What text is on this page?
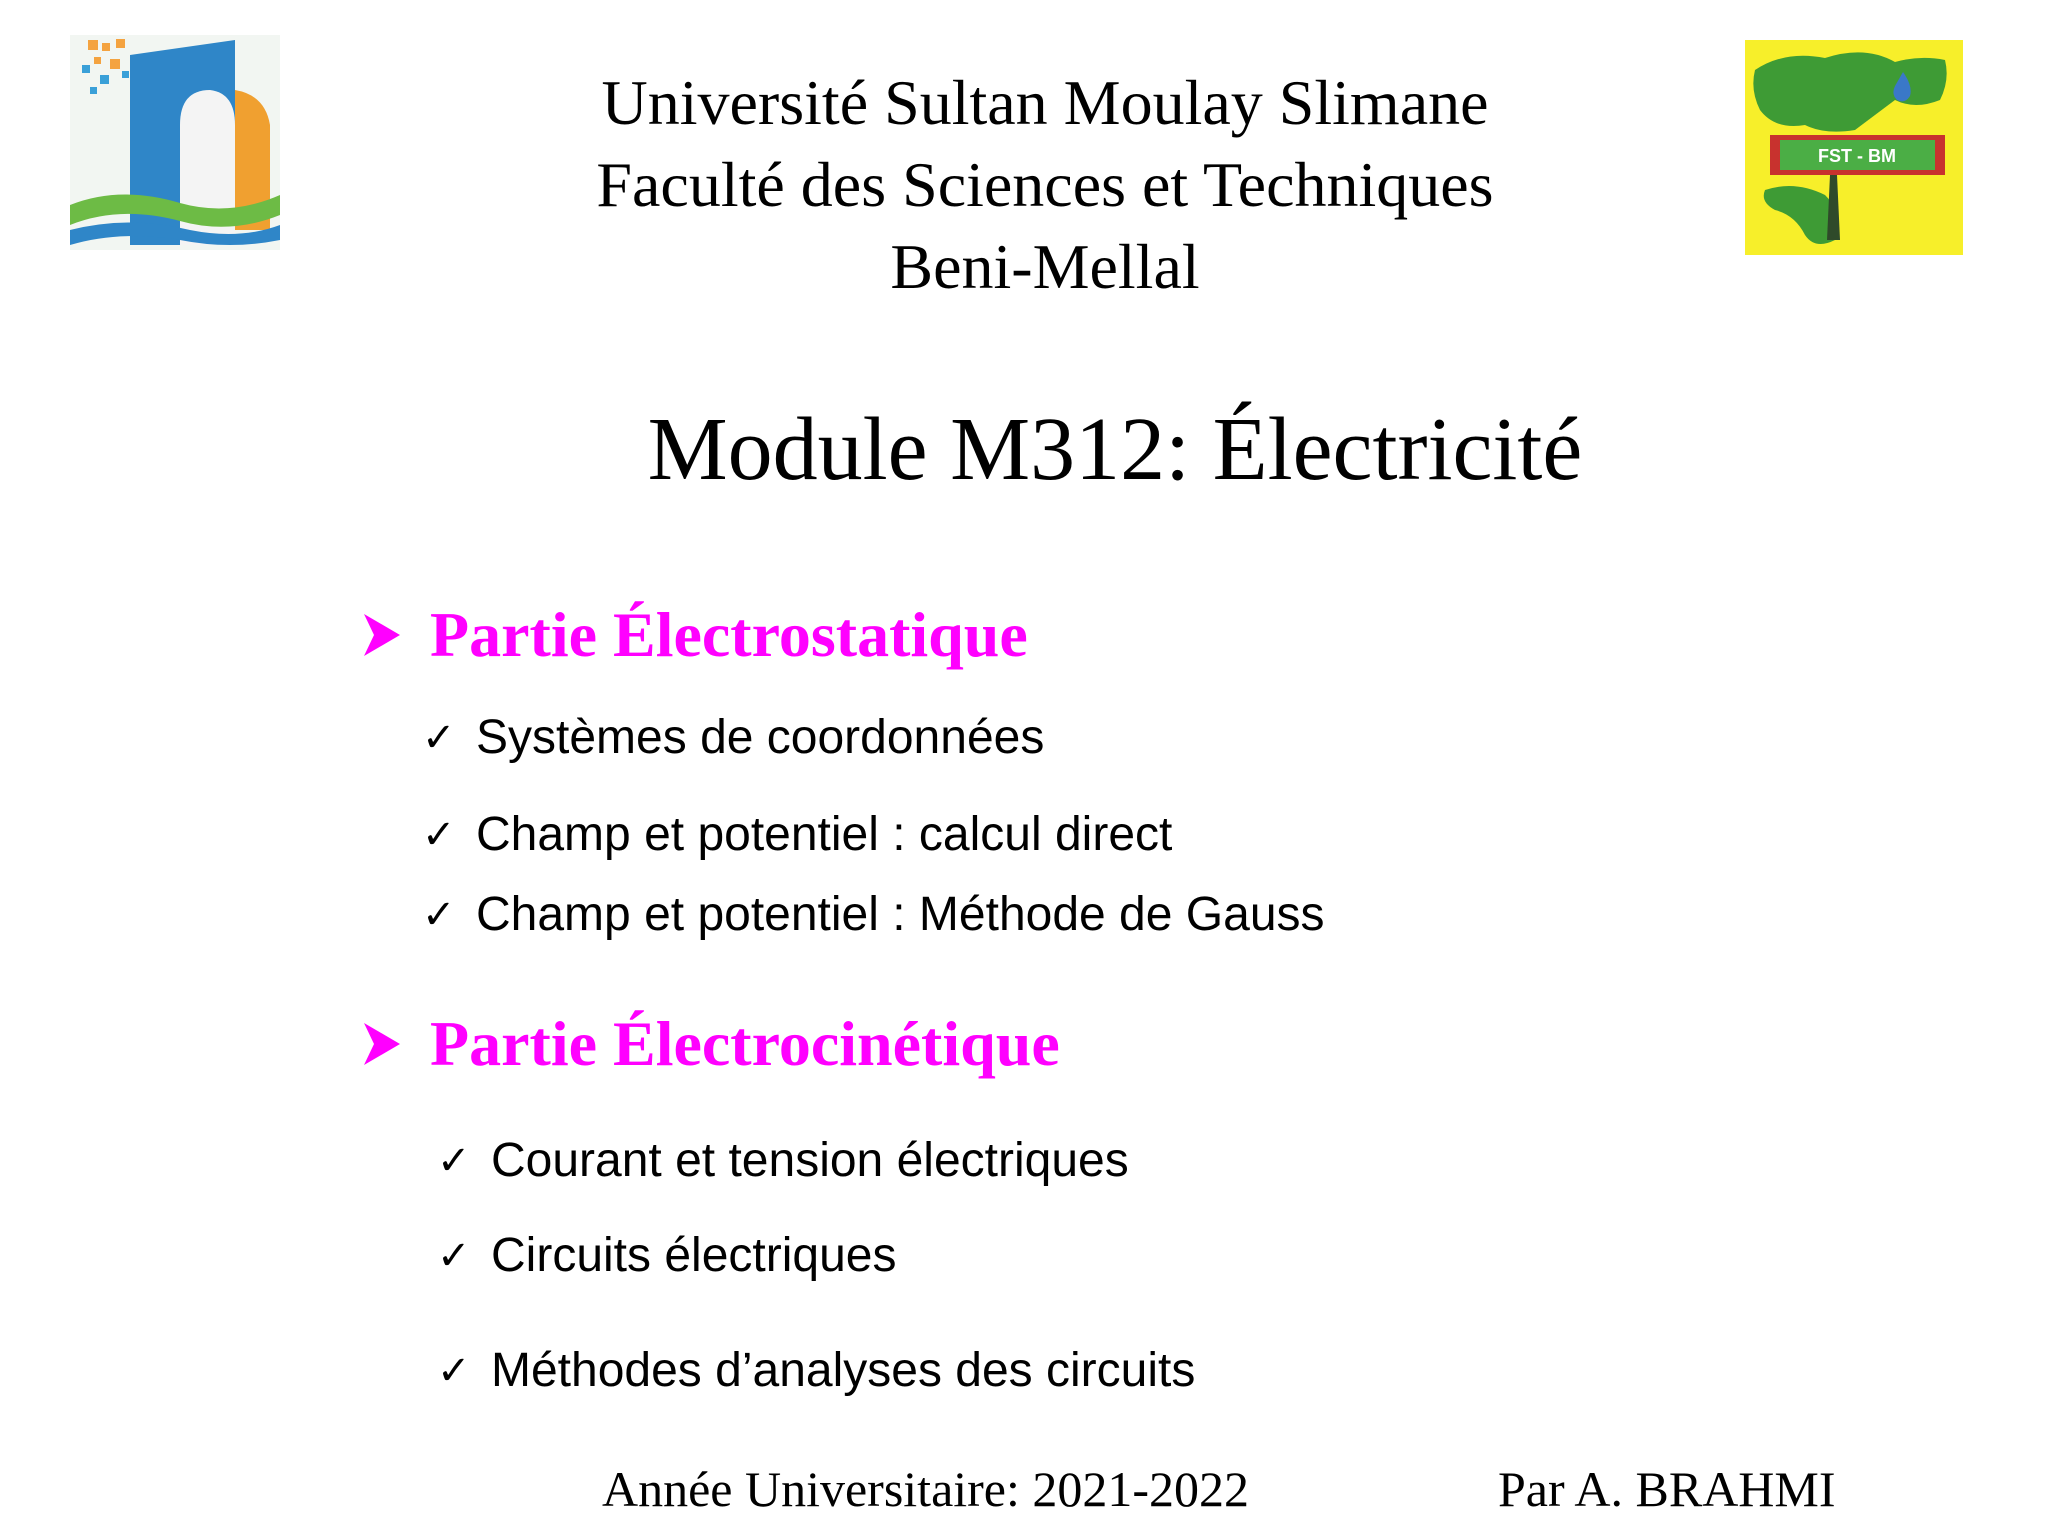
FST - BM
Université Sultan Moulay Slimane
Faculté des Sciences et Techniques
Beni-Mellal
Module M312: Électricité
Partie Électrostatique
✓ Systèmes de coordonnées
✓ Champ et potentiel : calcul direct
✓ Champ et potentiel : Méthode de Gauss
Partie Électrocinétique
✓ Courant et tension électriques
✓ Circuits électriques
✓ Méthodes d’analyses des circuits
Année Universitaire: 2021-2022	Par A. BRAHMI
